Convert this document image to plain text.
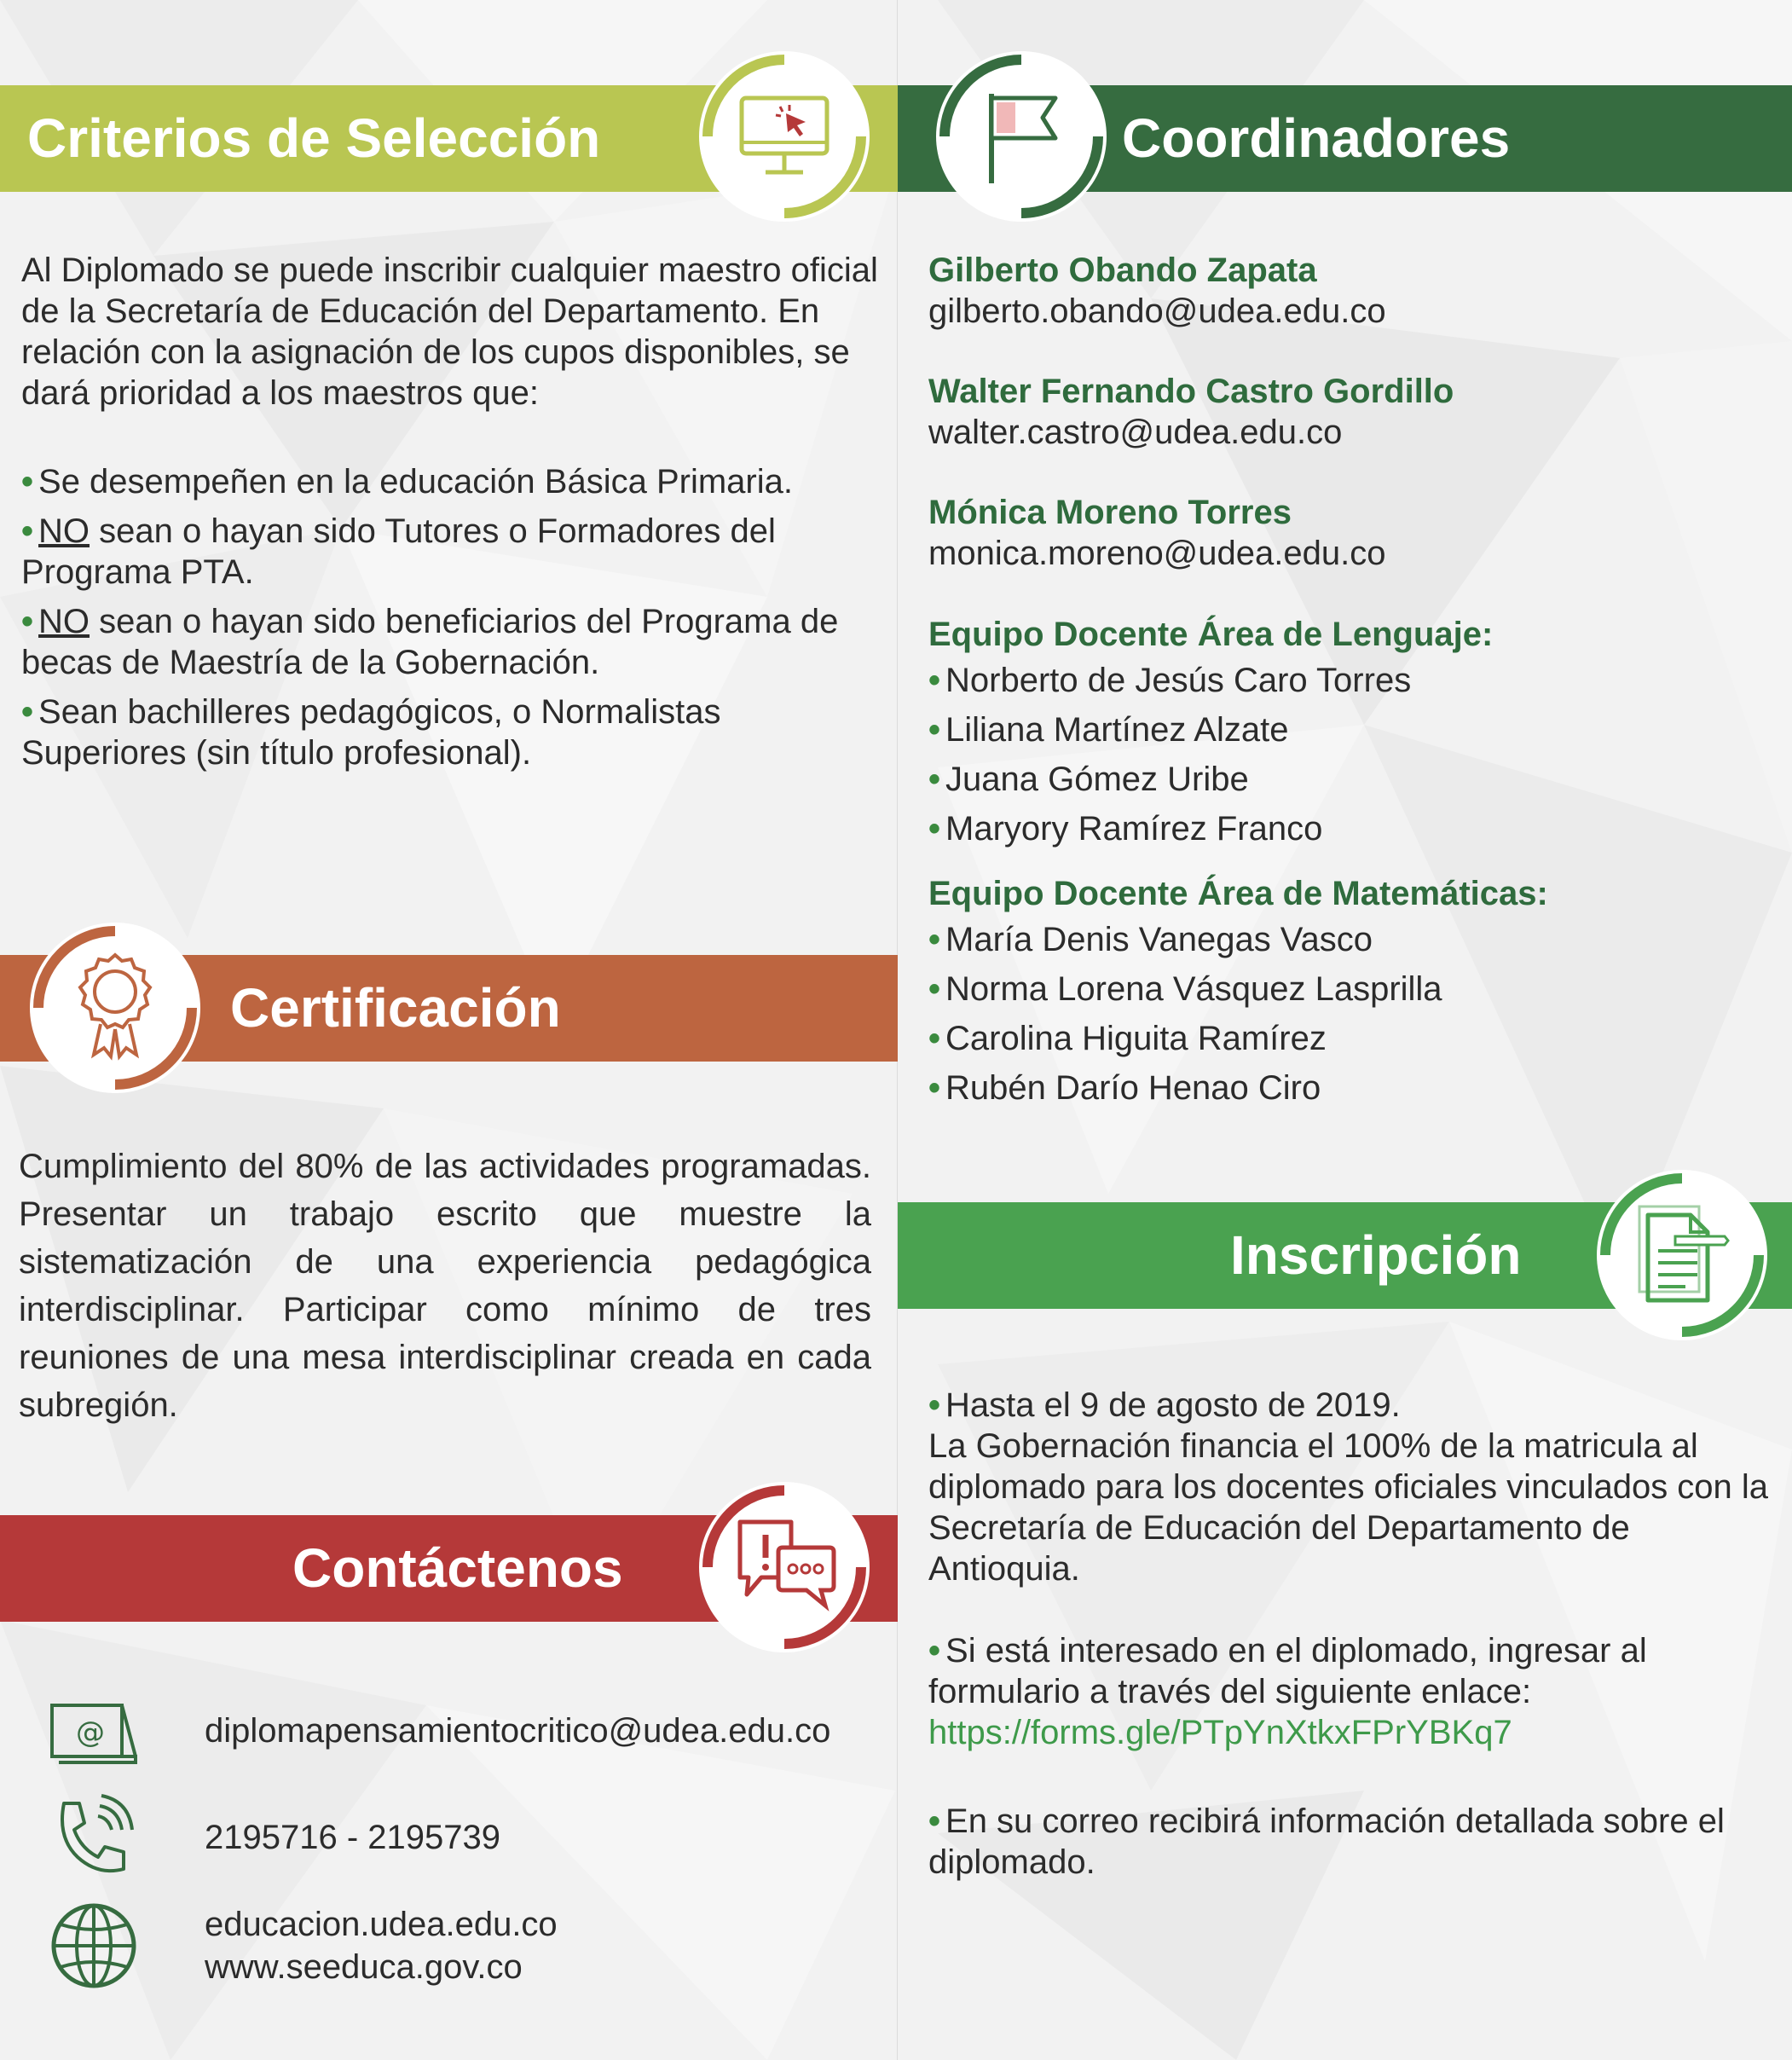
Criterios de Selección

Al Diplomado se puede inscribir cualquier maestro oficial de la Secretaría de Educación del Departamento. En relación con la asignación de los cupos disponibles, se dará prioridad a los maestros que:

• Se desempeñen en la educación Básica Primaria.

• NO sean o hayan sido Tutores o Formadores del Programa PTA.

• NO sean o hayan sido beneficiarios del Programa de becas de Maestría de la Gobernación.

• Sean bachilleres pedagógicos, o Normalistas Superiores (sin título profesional).

Certificación
Cumplimiento del 80% de las actividades programadas. Presentar un trabajo escrito que muestre la sistematización de una experiencia pedagógica interdisciplinar. Participar como mínimo de tres reuniones de una mesa interdisciplinar creada en cada subregión.
Contáctenos
@	diplomapensamientocritico@udea.edu.co
2195716 - 2195739
educacion.udea.edu.co
www.seeduca.gov.co
Coordinadores
Gilberto Obando Zapata
gilberto.obando@udea.edu.co
Walter Fernando Castro Gordillo
walter.castro@udea.edu.co
Mónica Moreno Torres
monica.moreno@udea.edu.co
Equipo Docente Área de Lenguaje:
• Norberto de Jesús Caro Torres
• Liliana Martínez Alzate
• Juana Gómez Uribe
• Maryory Ramírez Franco
Equipo Docente Área de Matemáticas:
• María Denis Vanegas Vasco
• Norma Lorena Vásquez Lasprilla
• Carolina Higuita Ramírez
• Rubén Darío Henao Ciro
Inscripción

• Hasta el 9 de agosto de 2019.

La Gobernación financia el 100% de la matricula al diplomado para los docentes oficiales vinculados con la Secretaría de Educación del Departamento de Antioquia.

• Si está interesado en el diplomado, ingresar al formulario a través del siguiente enlace:

https://forms.gle/PTpYnXtkxFPrYBKq7

• En su correo recibirá información detallada sobre el diplomado.
